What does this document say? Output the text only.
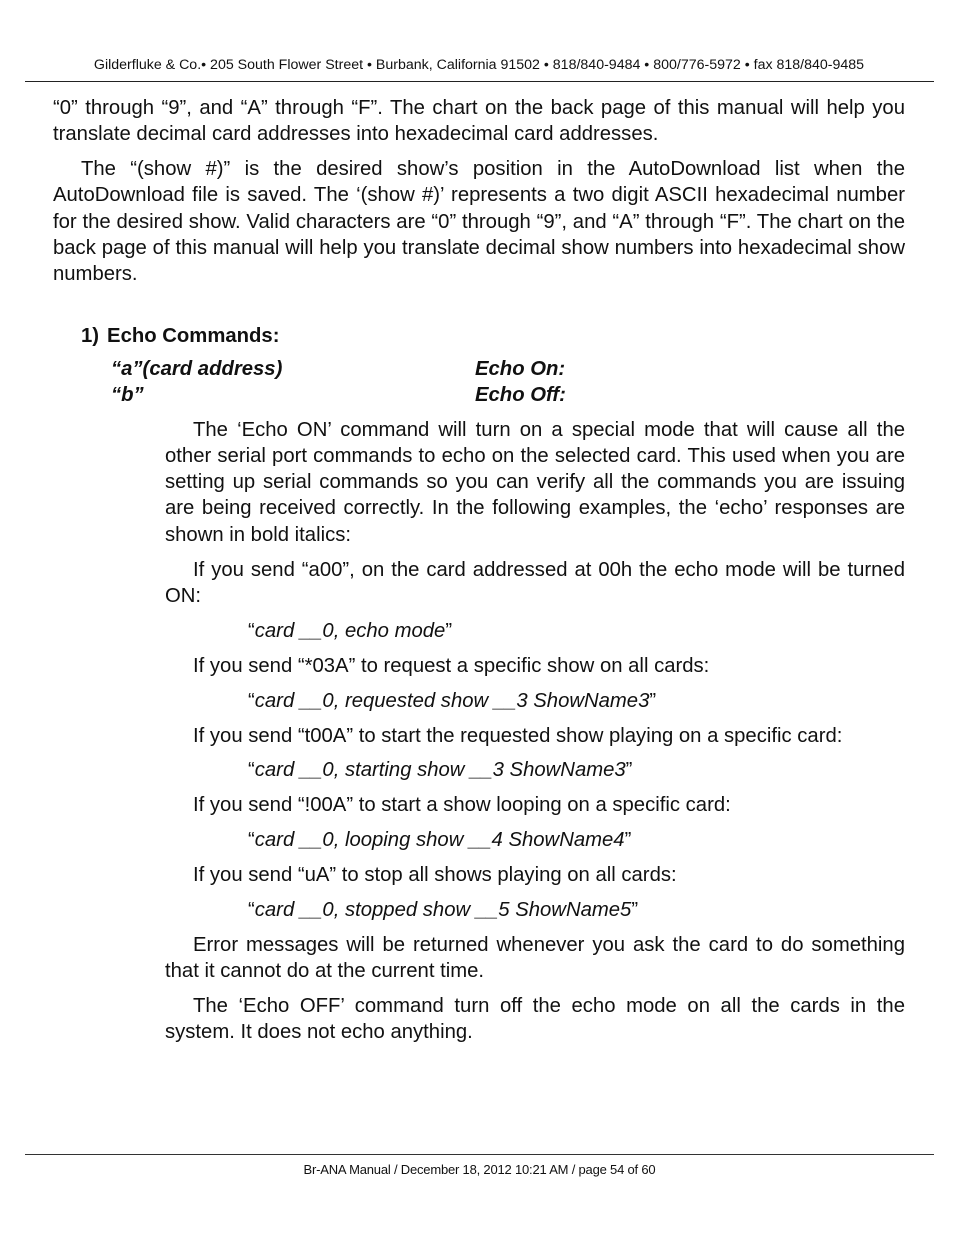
Gilderfluke & Co.• 205 South Flower Street • Burbank, California 91502 • 818/840-9484 • 800/776-5972 • fax 818/840-9485

“0” through “9”, and “A” through “F”. The chart on the back page of this manual will help you translate decimal card addresses into hexadecimal card addresses.

The “(show #)” is the desired show’s position in the AutoDownload list when the AutoDownload file is saved. The ‘(show #)’ represents a two digit ASCII hexadecimal number for the desired show. Valid characters are “0” through “9”, and “A” through “F”. The chart on the back page of this manual will help you translate decimal show numbers into hexadecimal show numbers.

1) Echo Commands:
“a”(card address)	Echo On:
“b”	Echo Off:

The ‘Echo ON’ command will turn on a special mode that will cause all the other serial port commands to echo on the selected card. This used when you are setting up serial commands so you can verify all the commands you are issuing are being received correctly. In the following examples, the ‘echo’ responses are shown in bold italics:

If you send “a00”, on the card addressed at 00h the echo mode will be turned ON:

“card __0, echo mode”
If you send “*03A” to request a specific show on all cards:
“card __0, requested show __3 ShowName3”
If you send “t00A” to start the requested show playing on a specific card:
“card __0, starting show __3 ShowName3”
If you send “!00A” to start a show looping on a specific card:
“card __0, looping show __4 ShowName4”
If you send “uA” to stop all shows playing on all cards:
“card __0, stopped show __5 ShowName5”

Error messages will be returned whenever you ask the card to do something that it cannot do at the current time.

The ‘Echo OFF’ command turn off the echo mode on all the cards in the system. It does not echo anything.

Br-ANA Manual / December 18, 2012 10:21 AM / page 54 of 60
